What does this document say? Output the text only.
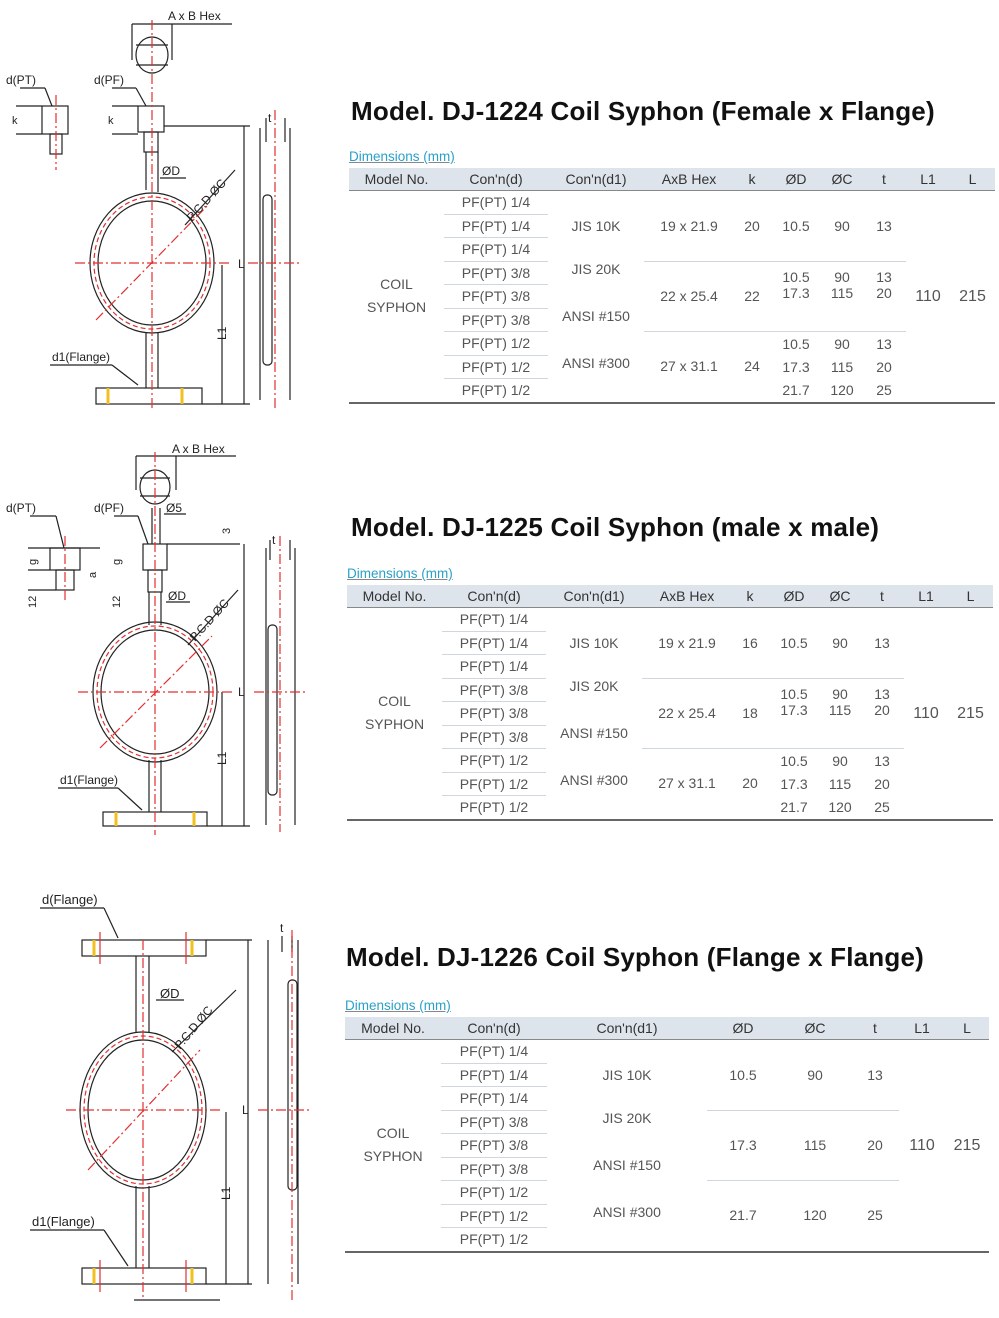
A x B Hex
d(PT)	d(PF)
k	k	t
ØD
P.C.D ØC
L
L1
d1(Flange)
Model. DJ-1224 Coil Syphon (Female x Flange)
Dimensions (mm)
Model No.	Con'n(d)	Con'n(d1)	AxB Hex	k	ØD	ØC	t	L1	L
COIL
SYPHON	PF(PT) 1/4	JIS 10K	19 x 21.9	20	10.5	90	13	110	215
	PF(PT) 1/4								
	PF(PT) 1/4								
	PF(PT) 3/8	JIS 20K	22 x 25.4	22	10.5	90	13		
	PF(PT) 3/8				17.3	115	20		
	PF(PT) 3/8	ANSI #150							
	PF(PT) 1/2		27 x 31.1	24	10.5	90	13		
	PF(PT) 1/2	ANSI #300			17.3	115	20		
	PF(PT) 1/2				21.7	120	25		
A x B Hex
d(PT)	d(PF)	Ø5
3
g	g
a
12	12
t
ØD
P.C.D ØC
L
L1
d1(Flange)
Model. DJ-1225 Coil Syphon (male x male)
Dimensions (mm)
Model No.	Con'n(d)	Con'n(d1)	AxB Hex	k	ØD	ØC	t	L1	L
COIL
SYPHON	PF(PT) 1/4	JIS 10K	19 x 21.9	16	10.5	90	13	110	215
	PF(PT) 1/4								
	PF(PT) 1/4								
	PF(PT) 3/8	JIS 20K	22 x 25.4	18	10.5	90	13		
	PF(PT) 3/8				17.3	115	20		
	PF(PT) 3/8	ANSI #150							
	PF(PT) 1/2		27 x 31.1	20	10.5	90	13		
	PF(PT) 1/2	ANSI #300			17.3	115	20		
	PF(PT) 1/2				21.7	120	25		
d(Flange)
t
ØD
P.C.D ØC
L
L1
d1(Flange)
Model. DJ-1226 Coil Syphon (Flange x Flange)
Dimensions (mm)
Model No.	Con'n(d)	Con'n(d1)	ØD	ØC	t	L1	L
COIL
SYPHON	PF(PT) 1/4	JIS 10K	10.5	90	13	110	215
	PF(PT) 1/4						
	PF(PT) 1/4						
	PF(PT) 3/8	JIS 20K	17.3	115	20		
	PF(PT) 3/8						
	PF(PT) 3/8	ANSI #150					
	PF(PT) 1/2		21.7	120	25		
	PF(PT) 1/2	ANSI #300					
	PF(PT) 1/2						
